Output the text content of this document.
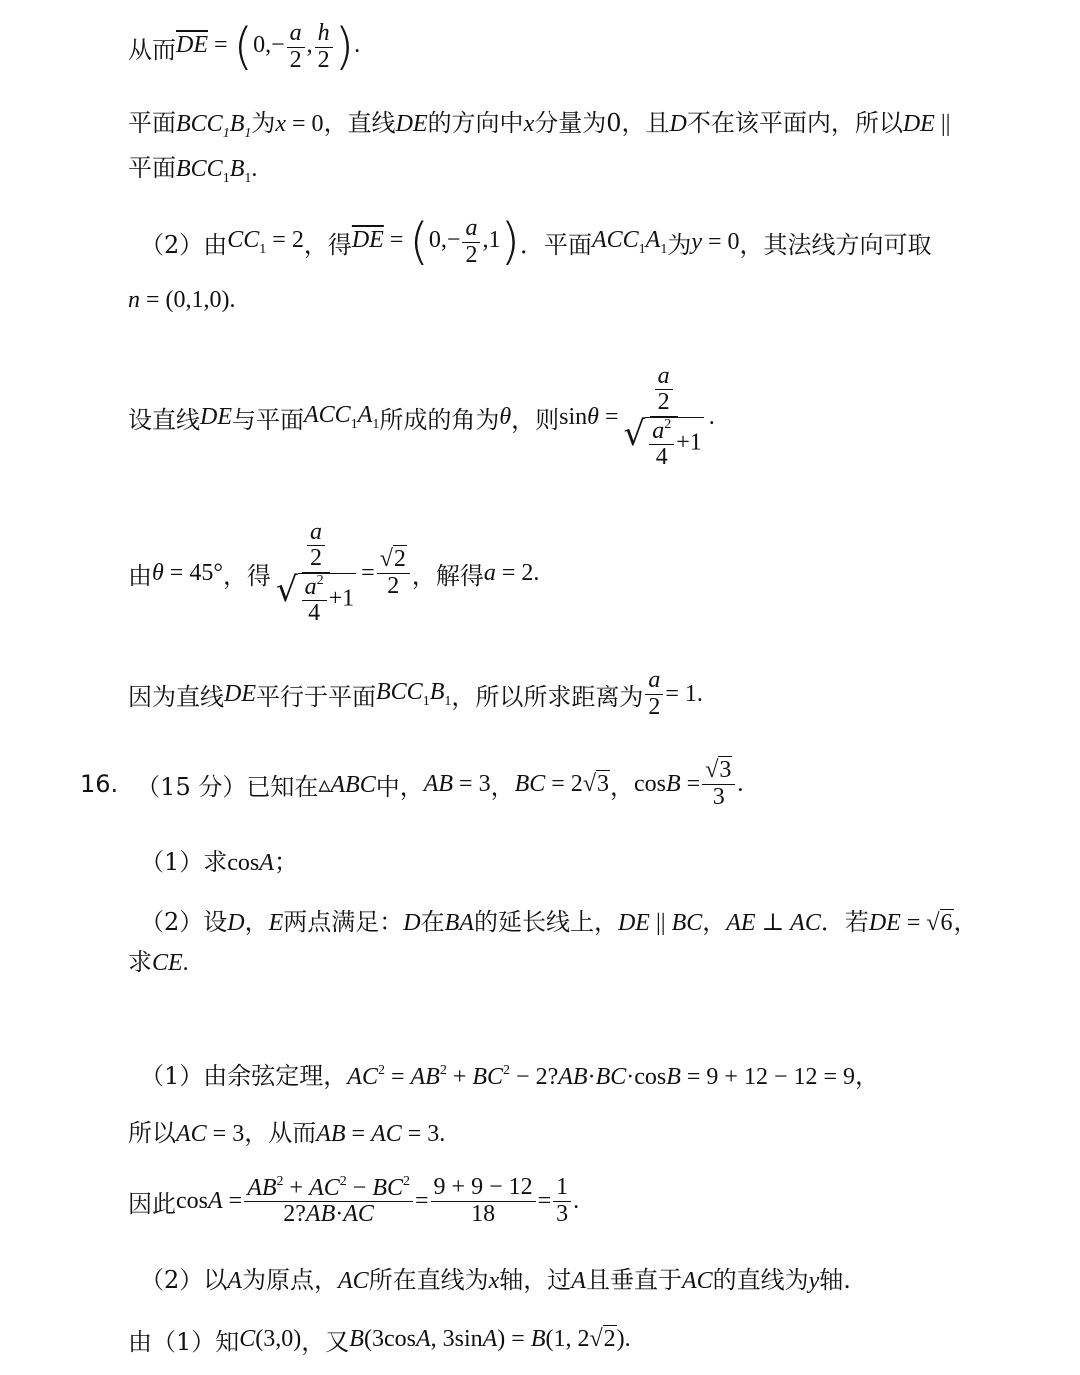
从而 $\overline{DE} = (0,- \frac{a}{2}$ , $\frac{h}{2}$ ).
平面$BCC_1B_1$为x = 0，直线DE的方向中x分量为0，且D不在该平面内，所以DE ||
平面$BCC_1B_1$.
（2）由 $CC_1 = 2$ ，得 $\overline{DE} = (0,- \frac{a}{2} ,1)$ ．平面 $ACC_1A_1$ 为 y = 0 ，其法线方向可取
n = (0,1,0).
设直线 DE 与平面 $ACC_1A_1$ 所成的角为 θ ，则 $\sin\theta = \frac{\frac{a}{2}}{√ \frac{a^2}{4} +1}$ .
由 θ = 45° ，得 $\frac{\frac{a}{2}}{√ \frac{a^2}{4} +1} = \frac{√2}{2}$ ，解得 a = 2.
因为直线 DE 平行于平面 $BCC_1B_1$ ，所以所求距离为 $\frac{a}{2} = 1$.
16. （15 分）已知在 ▵ABC 中， AB = 3 ， BC = 2√3 ， $\cos B = \frac{√3}{3}$ .
（1）求cosA；
（2）设D，E两点满足：D在BA的延长线上，DE || BC，AE ⊥ AC．若DE = √6，
求CE.
（1）由余弦定理，$AC^2 = AB^2 + BC^2$ − 2?AB·BC·cosB = 9 + 12 − 12 = 9，
所以AC = 3，从而AB = AC = 3.
因此 $\cos A = \frac{AB^2 + AC^2 - BC^2}{2?AB\cdot AC} = \frac{9 + 9 - 12}{18} = \frac{1}{3}$ .
（2）以A为原点，AC所在直线为x轴，过A且垂直于AC的直线为y轴.
由（1）知 C(3,0) ，又 B(3cosA, 3sinA) = B(1, 2√2).
